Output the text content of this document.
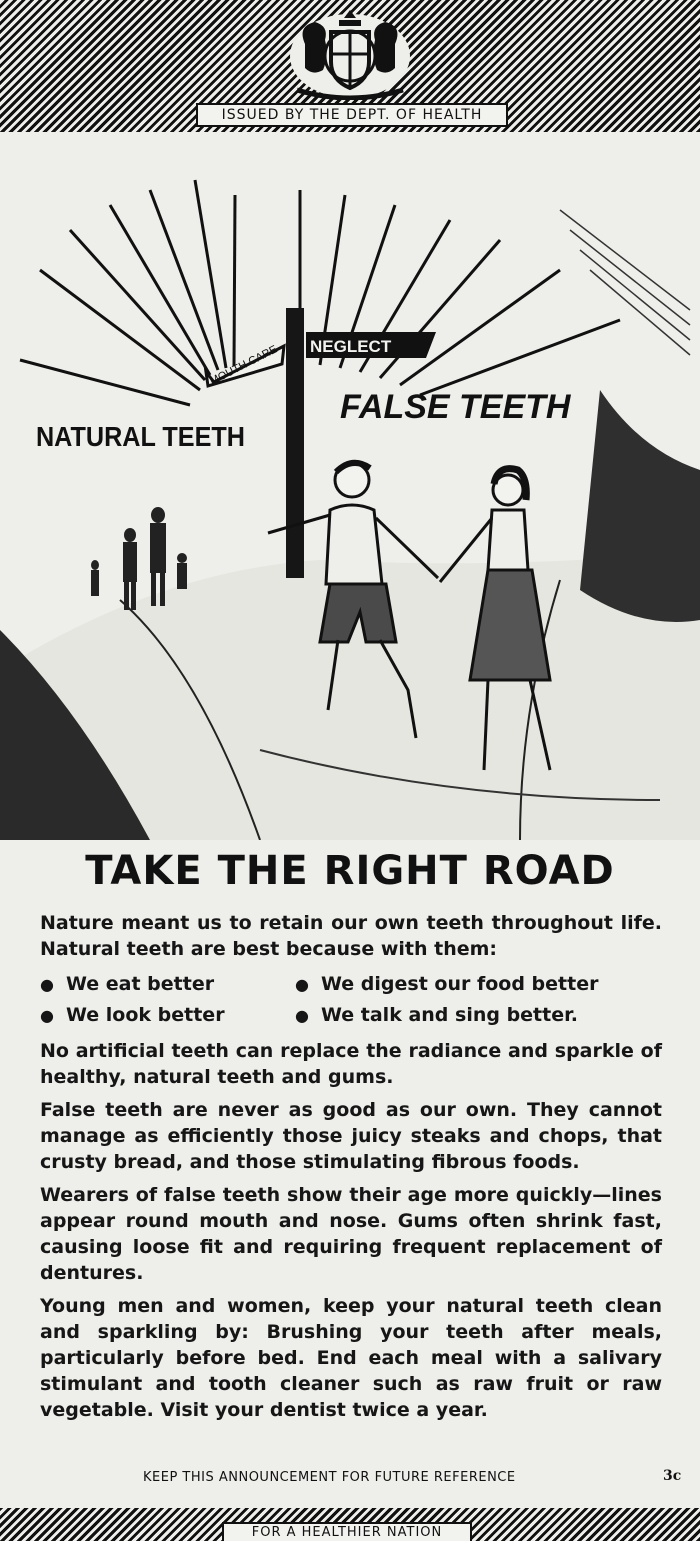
ISSUED BY THE DEPT. OF HEALTH
NATURAL TEETH
FALSE TEETH
NEGLECT
MOUTH CARE
TAKE THE RIGHT ROAD

Nature meant us to retain our own teeth throughout life. Natural teeth are best because with them:

● We eat better	● We digest our food better
● We look better	● We talk and sing better.

No artificial teeth can replace the radiance and sparkle of healthy, natural teeth and gums.

False teeth are never as good as our own. They cannot manage as efficiently those juicy steaks and chops, that crusty bread, and those stimulating fibrous foods.

Wearers of false teeth show their age more quickly—lines appear round mouth and nose. Gums often shrink fast, causing loose fit and requiring frequent replacement of dentures.

Young men and women, keep your natural teeth clean and sparkling by: Brushing your teeth after meals, particularly before bed. End each meal with a salivary stimulant and tooth cleaner such as raw fruit or raw vegetable. Visit your dentist twice a year.

KEEP THIS ANNOUNCEMENT FOR FUTURE REFERENCE	3c
FOR A HEALTHIER NATION
